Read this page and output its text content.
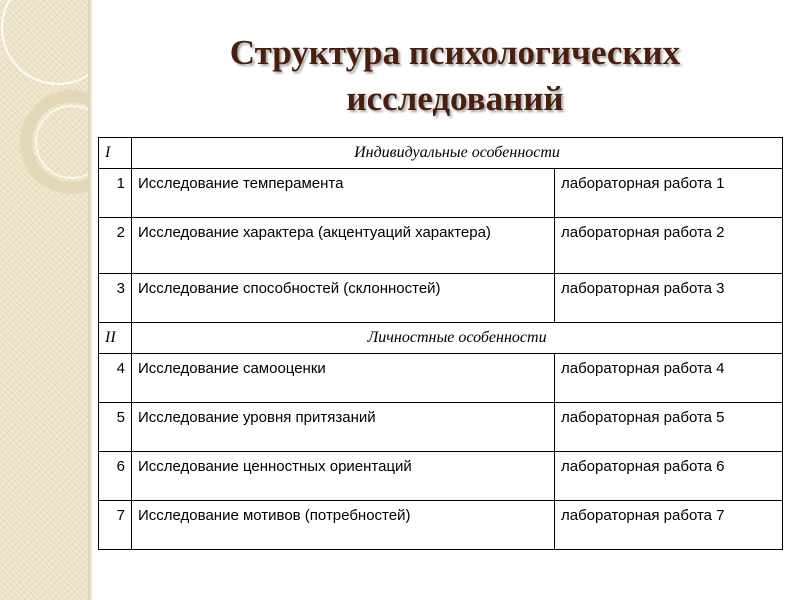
Структура психологических
исследований
I	Индивидуальные особенности	
1	Исследование темперамента	лабораторная работа 1
2	Исследование характера (акцентуаций характера)	лабораторная работа 2
3	Исследование способностей (склонностей)	лабораторная работа 3
II	Личностные особенности	
4	Исследование самооценки	лабораторная работа 4
5	Исследование уровня притязаний	лабораторная работа 5
6	Исследование ценностных ориентаций	лабораторная работа 6
7	Исследование мотивов (потребностей)	лабораторная работа 7
